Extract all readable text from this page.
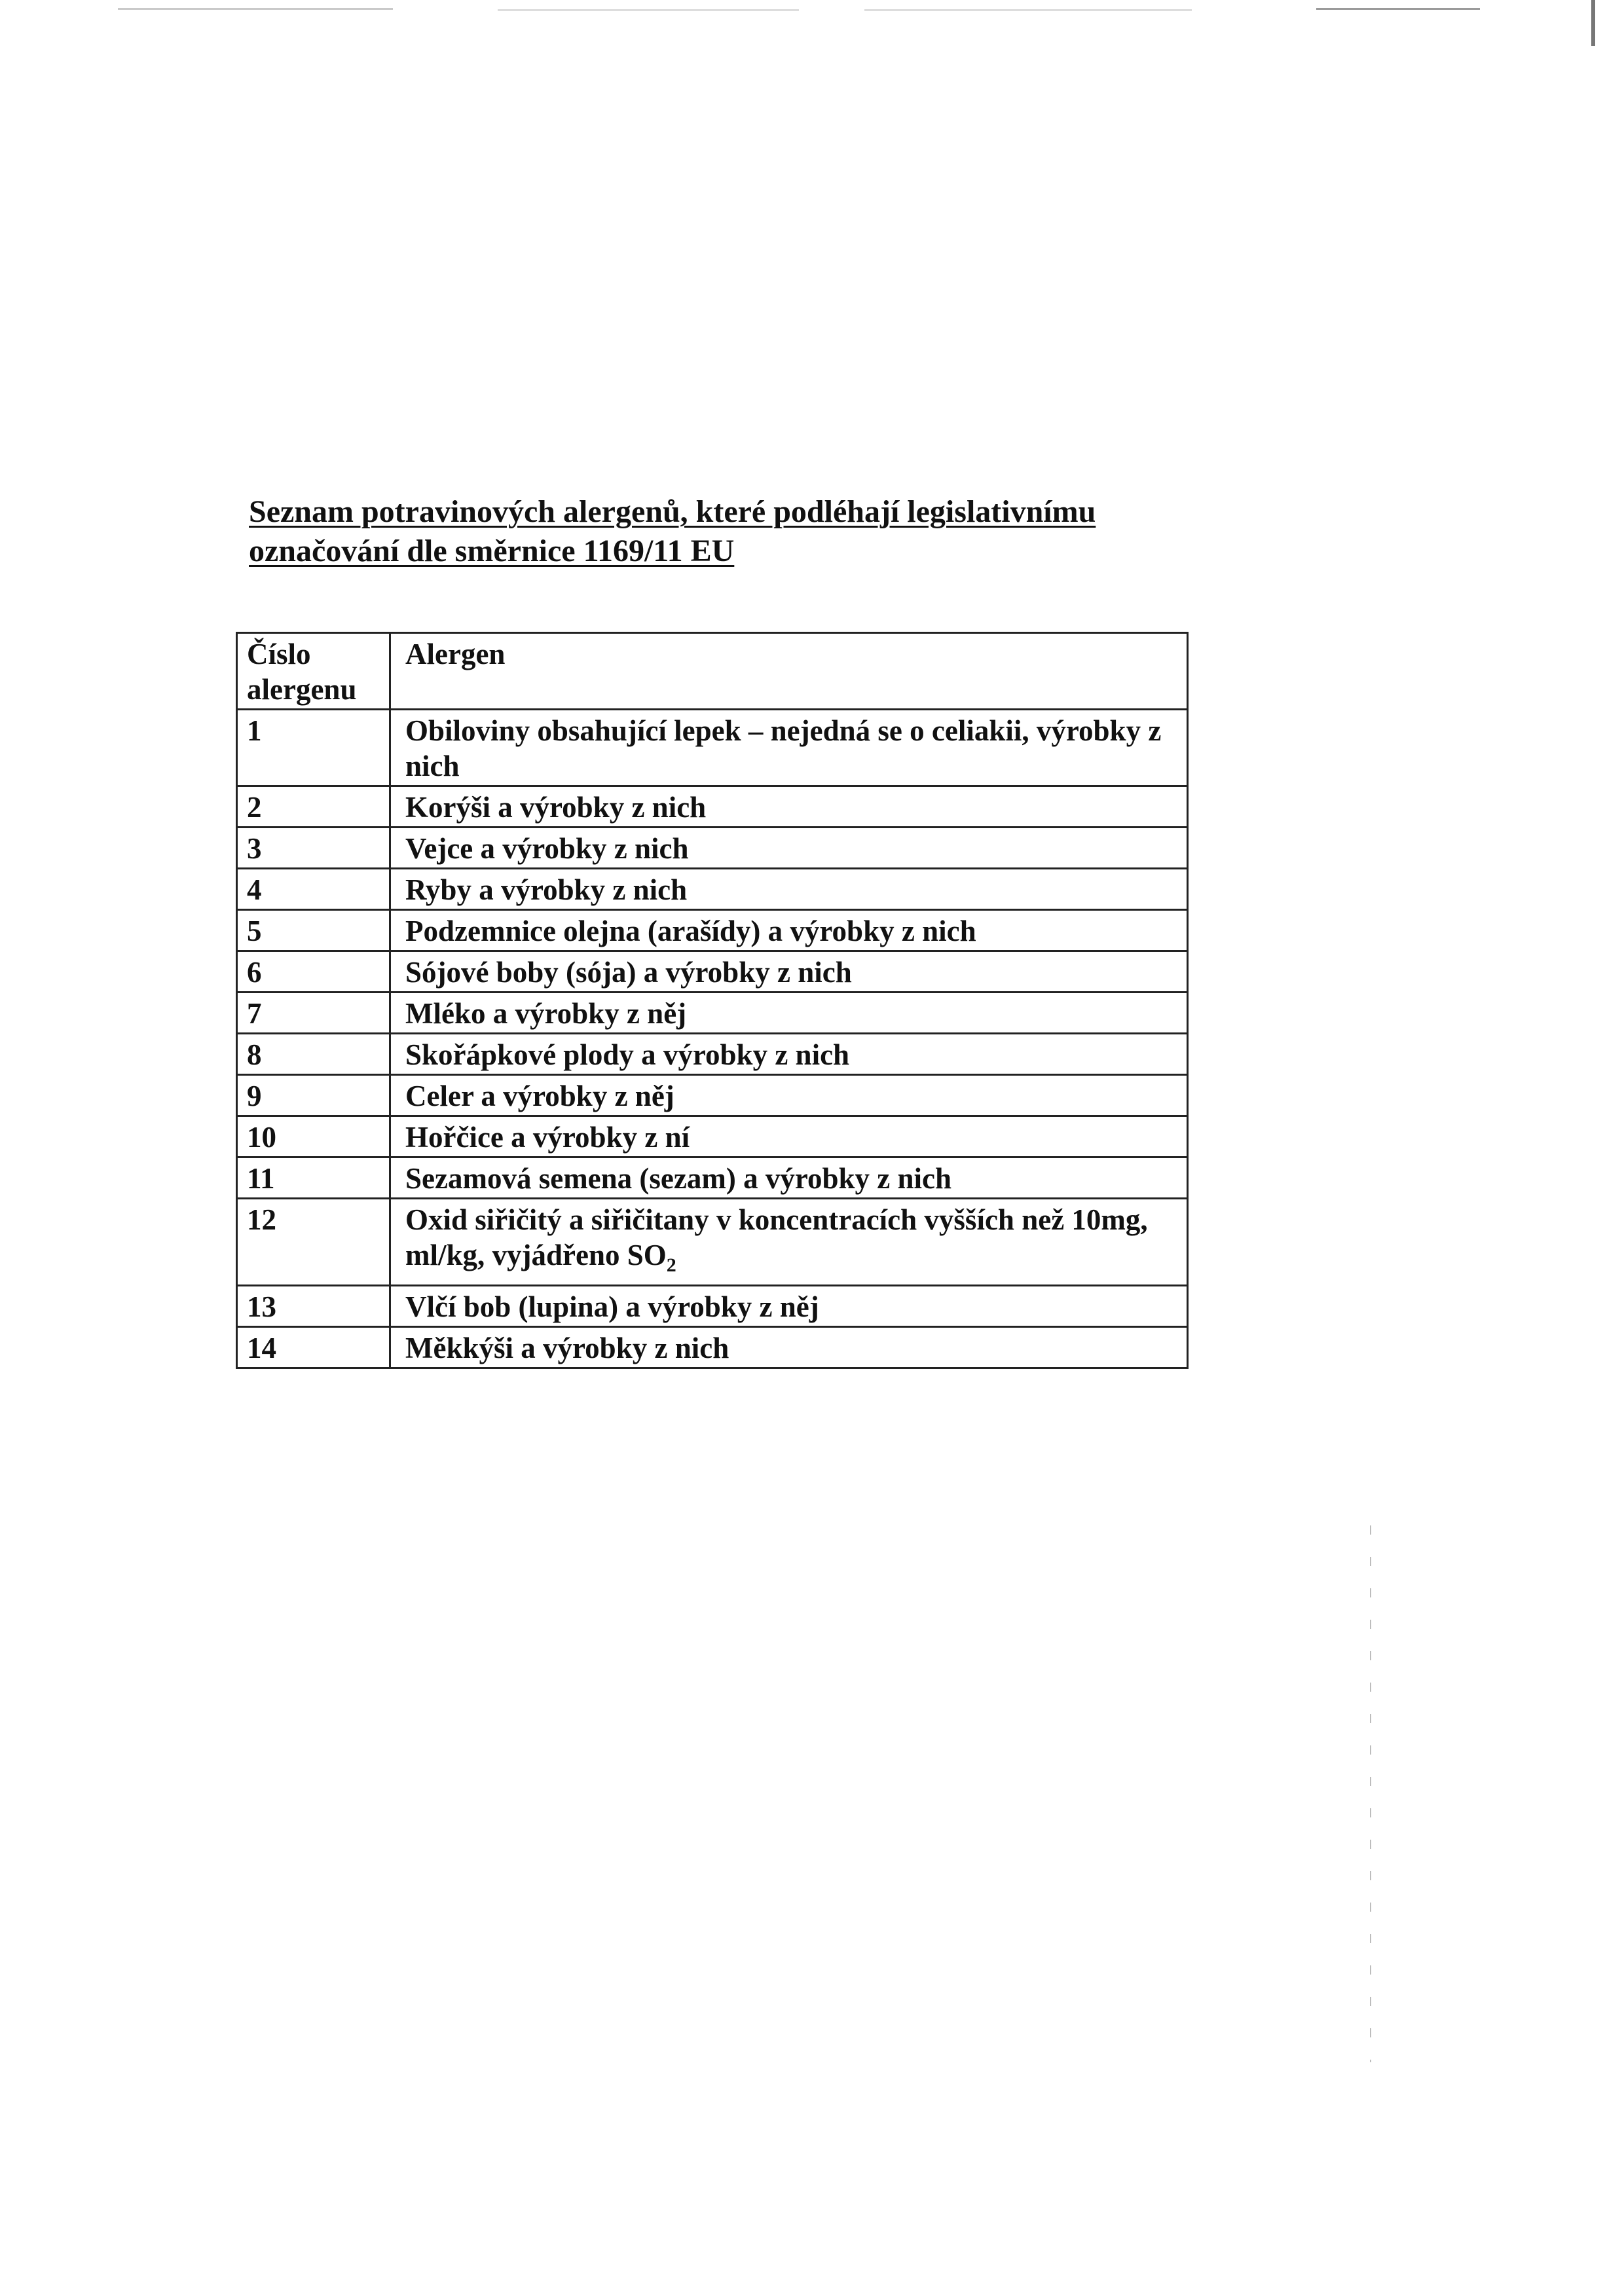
Seznam potravinových alergenů, které podléhají legislativnímu
označování dle směrnice 1169/11 EU
Číslo alergenu	Alergen
1	Obiloviny obsahující lepek – nejedná se o celiakii, výrobky z nich
2	Korýši a výrobky z nich
3	Vejce a výrobky z nich
4	Ryby a výrobky z nich
5	Podzemnice olejna (arašídy) a výrobky z nich
6	Sójové boby (sója) a výrobky z nich
7	Mléko a výrobky z něj
8	Skořápkové plody a výrobky z nich
9	Celer a výrobky z něj
10	Hořčice a výrobky z ní
11	Sezamová semena (sezam) a výrobky z nich
12	Oxid siřičitý a siřičitany v koncentracích vyšších než 10mg, ml/kg, vyjádřeno $SO_2$
13	Vlčí bob (lupina) a výrobky z něj
14	Měkkýši a výrobky z nich
